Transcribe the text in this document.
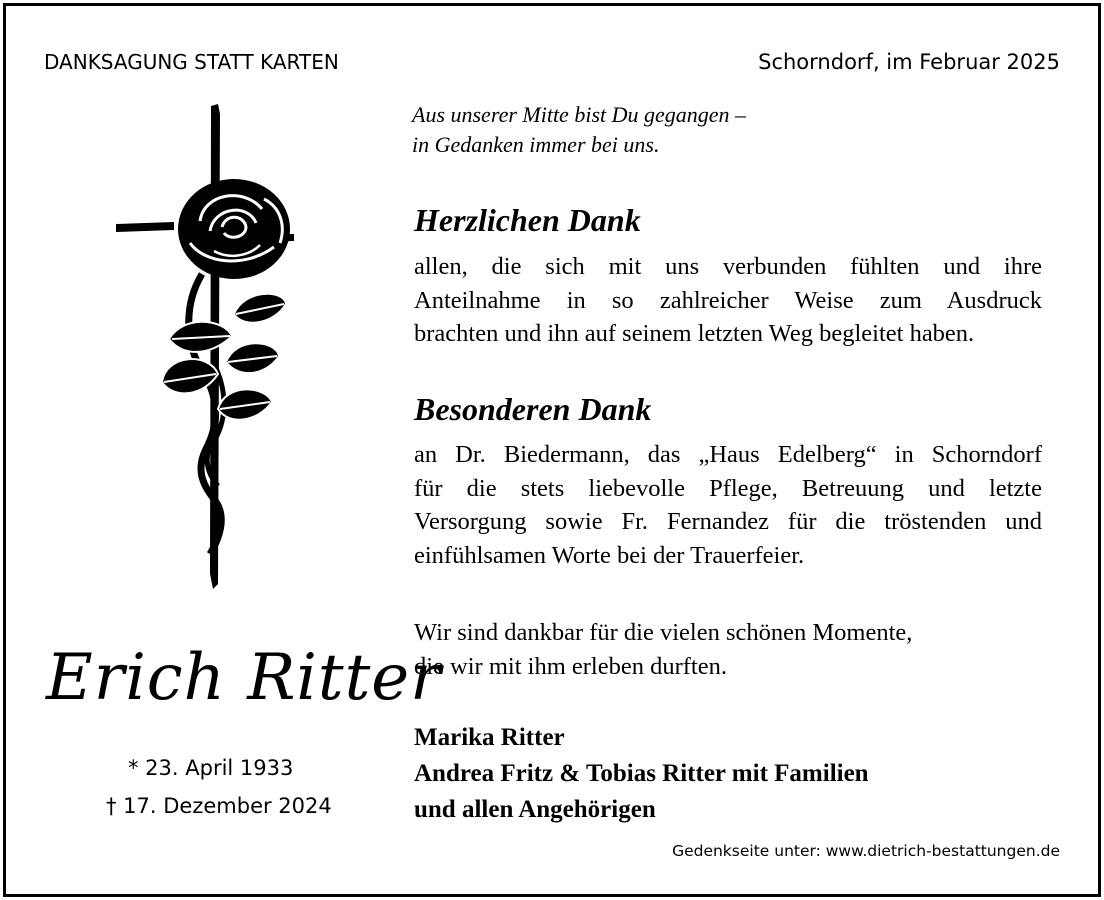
DANKSAGUNG STATT KARTEN	Schorndorf, im Februar 2025
Aus unserer Mitte bist Du gegangen –
in Gedanken immer bei uns.
Herzlichen Dank
allen, die sich mit uns verbunden fühlten und ihre
Anteilnahme in so zahlreicher Weise zum Ausdruck
brachten und ihn auf seinem letzten Weg begleitet haben.
Besonderen Dank
an Dr. Biedermann, das „Haus Edelberg“ in Schorndorf
für die stets liebevolle Pflege, Betreuung und letzte
Versorgung sowie Fr. Fernandez für die tröstenden und
einfühlsamen Worte bei der Trauerfeier.
Wir sind dankbar für die vielen schönen Momente,
die wir mit ihm erleben durften.
Marika Ritter
Andrea Fritz & Tobias Ritter mit Familien
und allen Angehörigen
Erich Ritter
* 23. April 1933
† 17. Dezember 2024
Gedenkseite unter: www.dietrich-bestattungen.de
